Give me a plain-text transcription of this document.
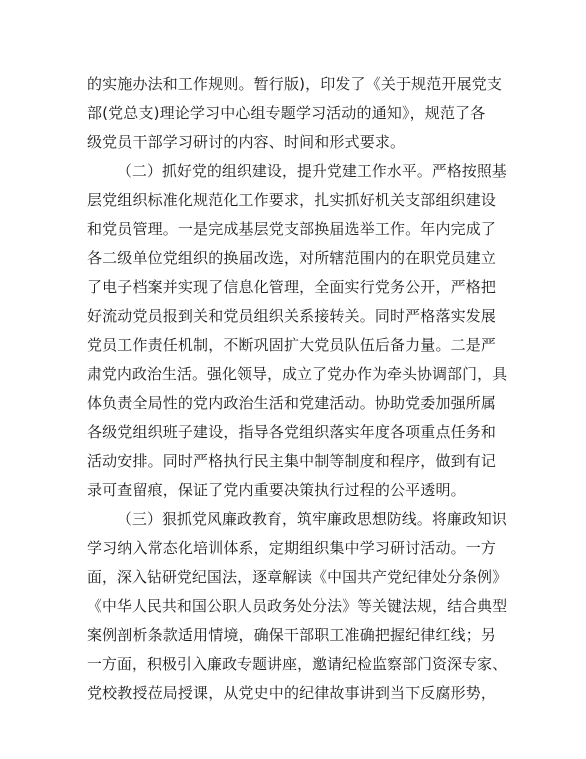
的实施办法和工作规则。暂行版)，印发了《关于规范开展党支
部(党总支)理论学习中心组专题学习活动的通知》，规范了各
级党员干部学习研讨的内容、时间和形式要求。
（二）抓好党的组织建设，提升党建工作水平。严格按照基
层党组织标准化规范化工作要求，扎实抓好机关支部组织建设
和党员管理。一是完成基层党支部换届选举工作。年内完成了
各二级单位党组织的换届改选，对所辖范围内的在职党员建立
了电子档案并实现了信息化管理，全面实行党务公开，严格把
好流动党员报到关和党员组织关系接转关。同时严格落实发展
党员工作责任机制，不断巩固扩大党员队伍后备力量。二是严
肃党内政治生活。强化领导，成立了党办作为牵头协调部门，具
体负责全局性的党内政治生活和党建活动。协助党委加强所属
各级党组织班子建设，指导各党组织落实年度各项重点任务和
活动安排。同时严格执行民主集中制等制度和程序，做到有记
录可查留痕，保证了党内重要决策执行过程的公平透明。
（三）狠抓党风廉政教育，筑牢廉政思想防线。将廉政知识
学习纳入常态化培训体系，定期组织集中学习研讨活动。一方
面，深入钻研党纪国法，逐章解读《中国共产党纪律处分条例》
《中华人民共和国公职人员政务处分法》等关键法规，结合典型
案例剖析条款适用情境，确保干部职工准确把握纪律红线；另
一方面，积极引入廉政专题讲座，邀请纪检监察部门资深专家、
党校教授莅局授课，从党史中的纪律故事讲到当下反腐形势，
